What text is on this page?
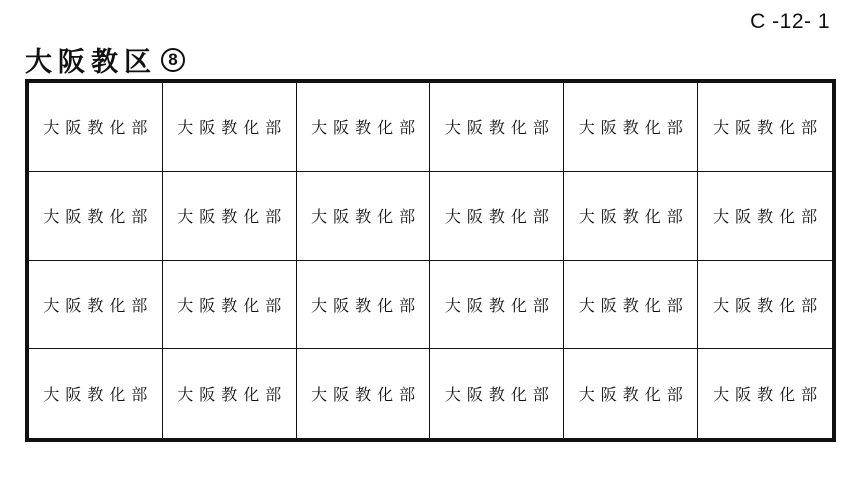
C -12- 1
大阪教区 8
大阪教化部	大阪教化部	大阪教化部	大阪教化部	大阪教化部	大阪教化部
大阪教化部	大阪教化部	大阪教化部	大阪教化部	大阪教化部	大阪教化部
大阪教化部	大阪教化部	大阪教化部	大阪教化部	大阪教化部	大阪教化部
大阪教化部	大阪教化部	大阪教化部	大阪教化部	大阪教化部	大阪教化部
